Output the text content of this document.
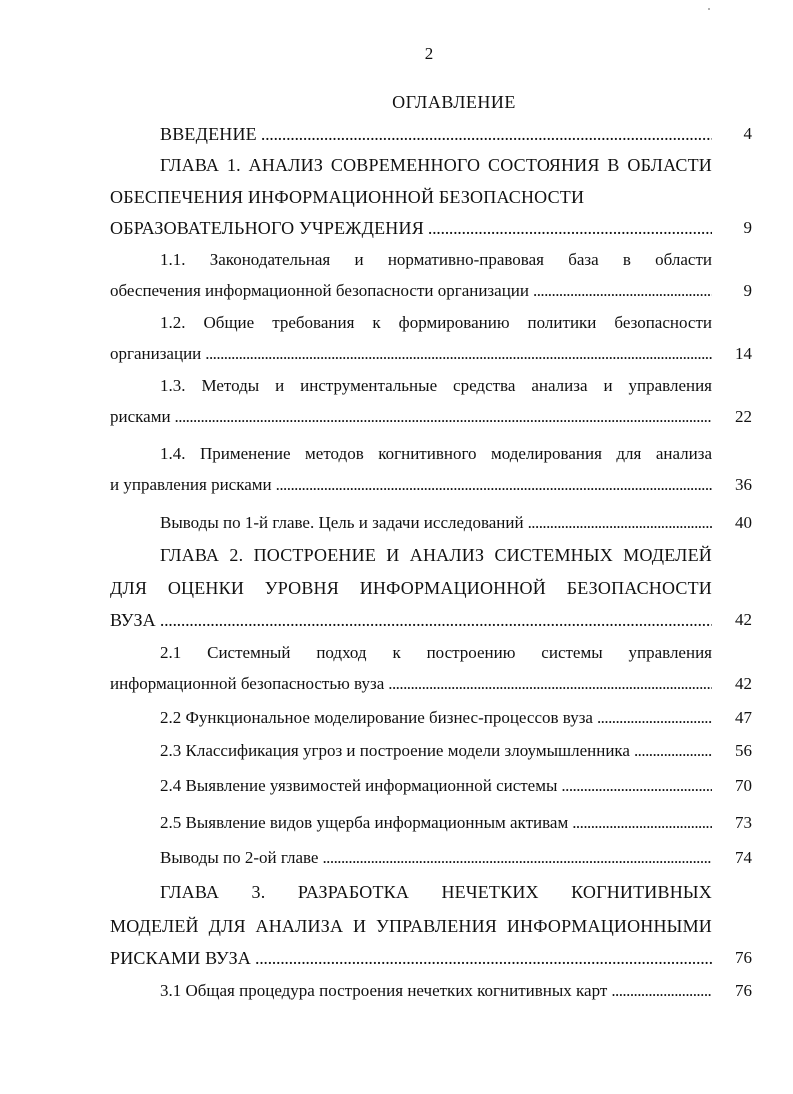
2
ОГЛАВЛЕНИЕ
ВВЕДЕНИЕ . . .	4
ГЛАВА 1. АНАЛИЗ СОВРЕМЕННОГО СОСТОЯНИЯ В ОБЛАСТИ
ОБЕСПЕЧЕНИЯ ИНФОРМАЦИОННОЙ БЕЗОПАСНОСТИ
ОБРАЗОВАТЕЛЬНОГО УЧРЕЖДЕНИЯ . . .	9
1.1. Законодательная и нормативно-правовая база в области
обеспечения информационной безопасности организации . . .	9
1.2. Общие требования к формированию политики безопасности
организации . . .	14
1.3. Методы и инструментальные средства анализа и управления
рисками . . .	22
1.4. Применение методов когнитивного моделирования для анализа
и управления рисками . . .	36
Выводы по 1-й главе. Цель и задачи исследований . . .	40
ГЛАВА 2. ПОСТРОЕНИЕ И АНАЛИЗ СИСТЕМНЫХ МОДЕЛЕЙ
ДЛЯ ОЦЕНКИ УРОВНЯ ИНФОРМАЦИОННОЙ БЕЗОПАСНОСТИ
ВУЗА . . .	42
2.1 Системный подход к построению системы управления
информационной безопасностью вуза . . .	42
2.2 Функциональное моделирование бизнес-процессов вуза . . .	47
2.3 Классификация угроз и построение модели злоумышленника . . .	56
2.4 Выявление уязвимостей информационной системы . . .	70
2.5 Выявление видов ущерба информационным активам . . .	73
Выводы по 2-ой главе . . .	74
ГЛАВА 3. РАЗРАБОТКА НЕЧЕТКИХ КОГНИТИВНЫХ
МОДЕЛЕЙ ДЛЯ АНАЛИЗА И УПРАВЛЕНИЯ ИНФОРМАЦИОННЫМИ
РИСКАМИ ВУЗА . . .	76
3.1 Общая процедура построения нечетких когнитивных карт . . .	76
